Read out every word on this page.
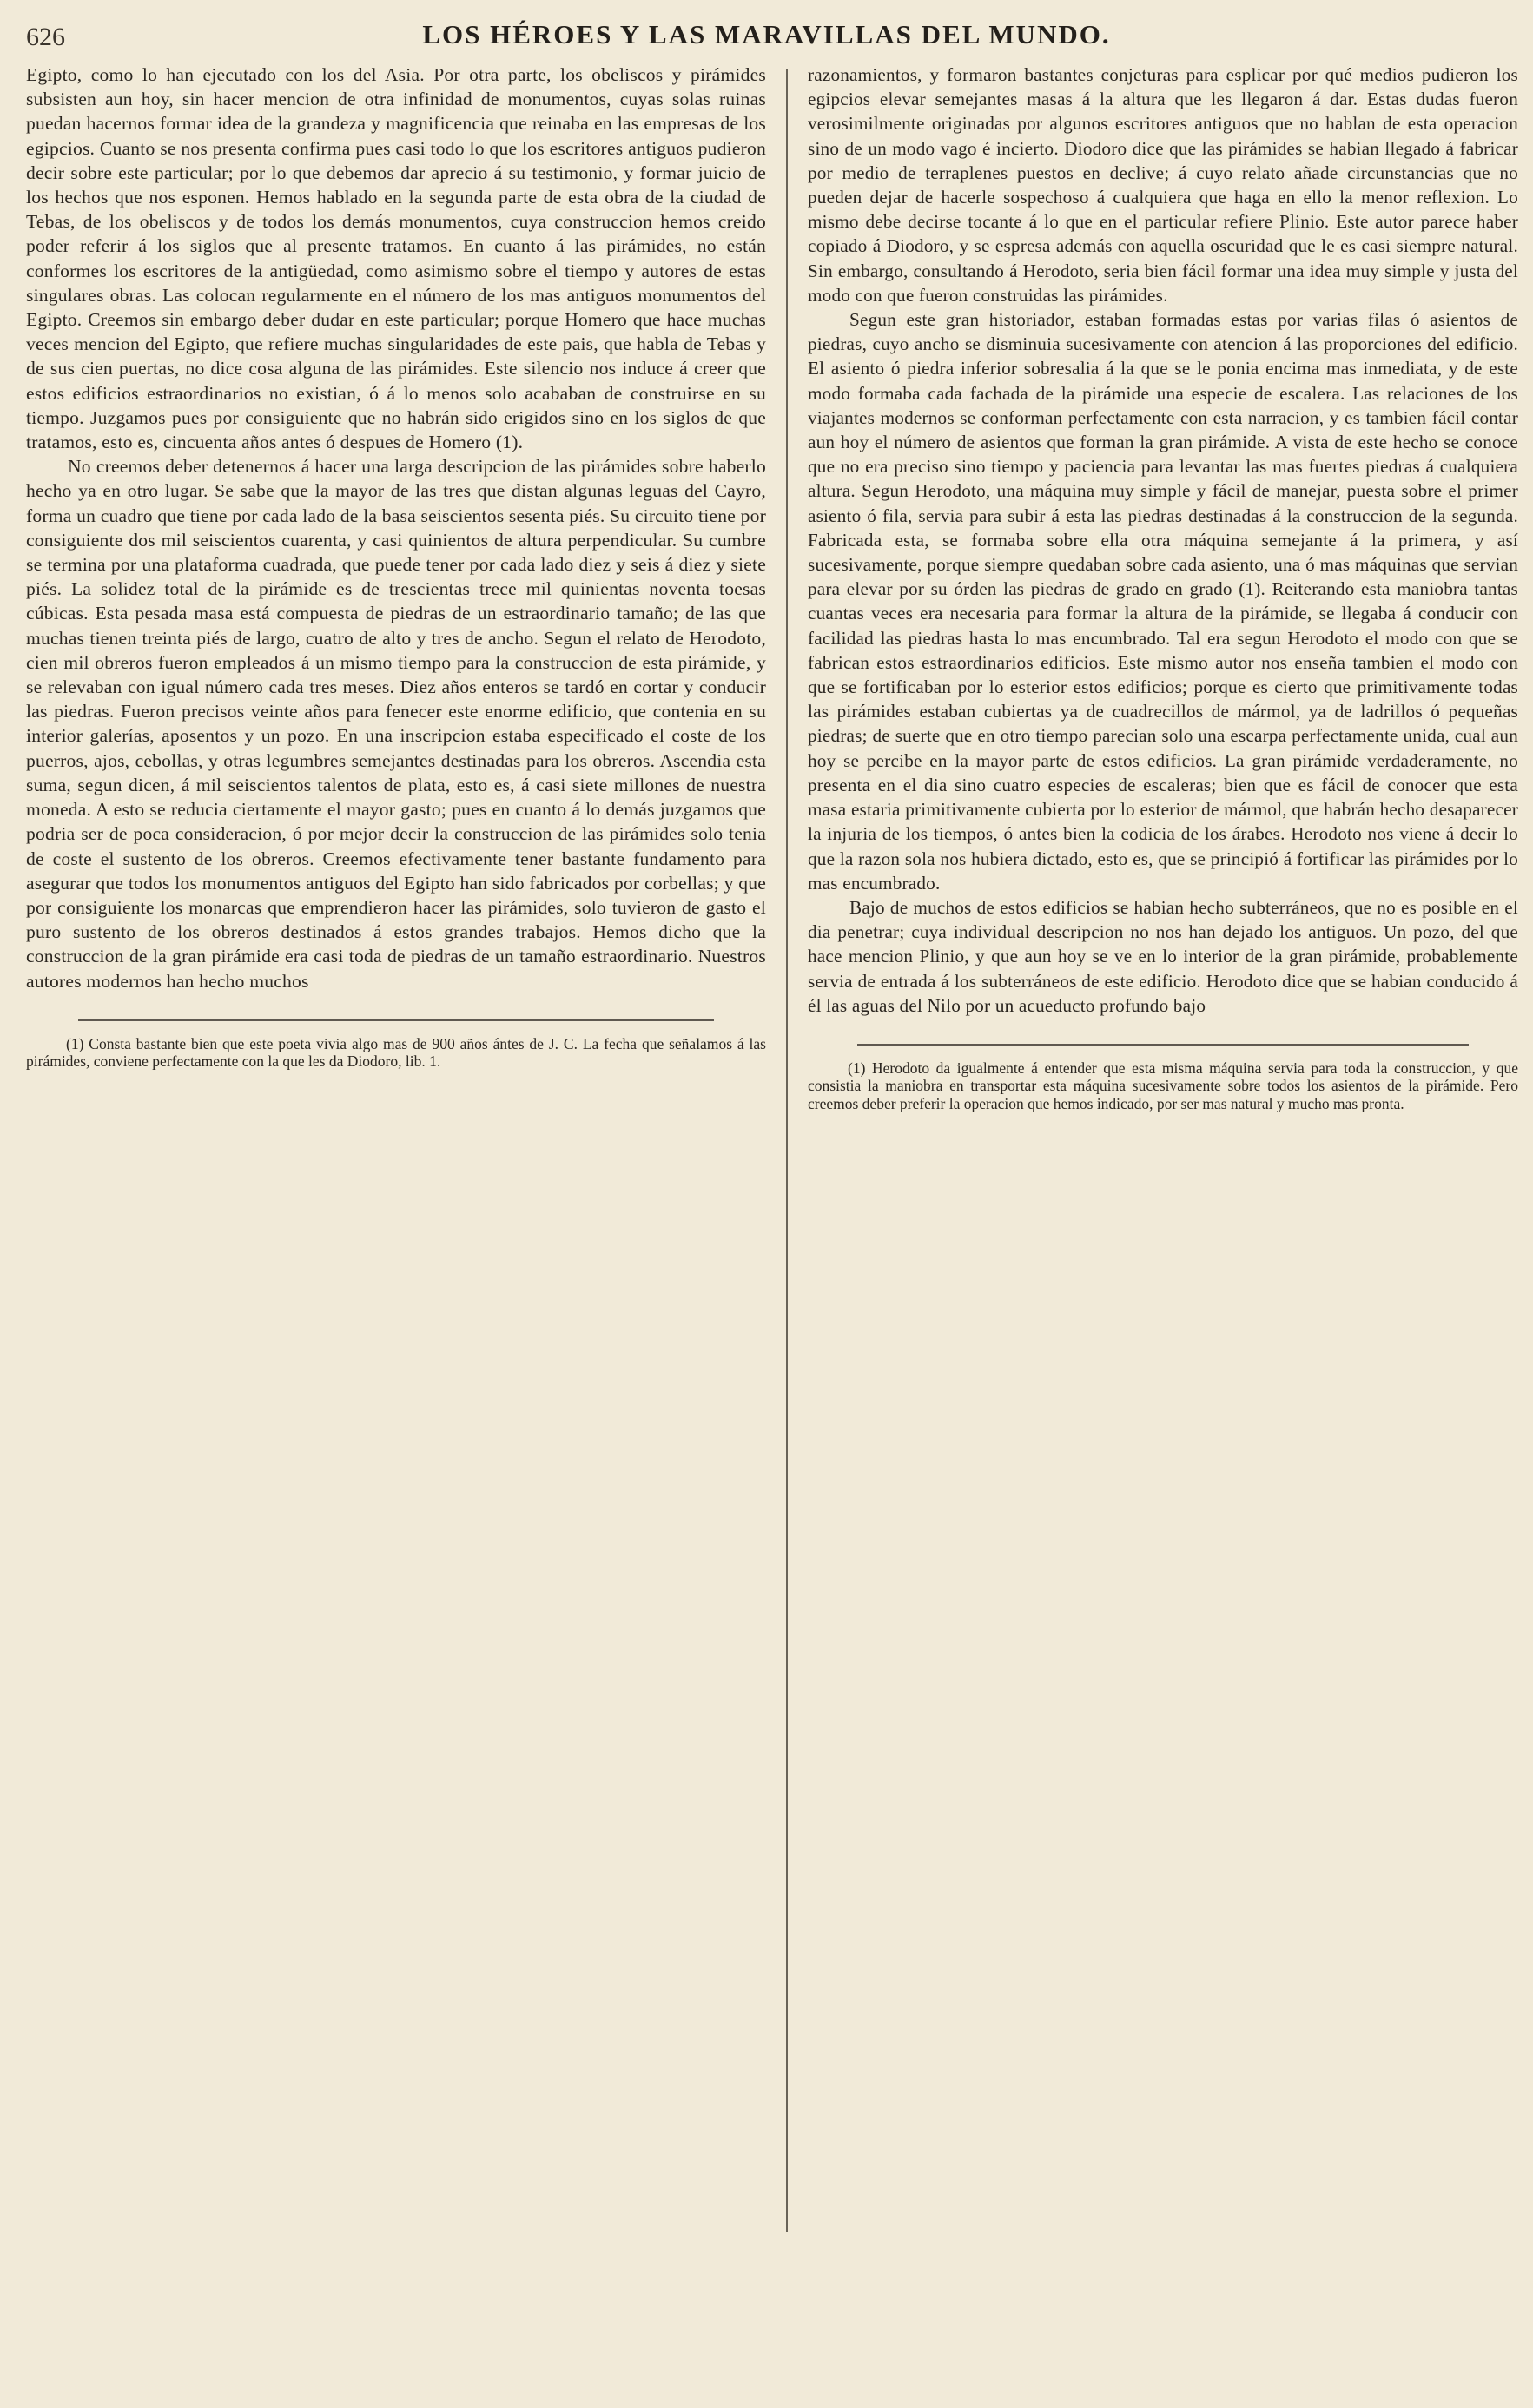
626	LOS HÉROES Y LAS MARAVILLAS DEL MUNDO.

Egipto, como lo han ejecutado con los del Asia. Por otra parte, los obeliscos y pirámides subsisten aun hoy, sin hacer mencion de otra infinidad de monumentos, cuyas solas ruinas puedan hacernos formar idea de la grandeza y magnificencia que reinaba en las empresas de los egipcios. Cuanto se nos presenta confirma pues casi todo lo que los escritores antiguos pudieron decir sobre este particular; por lo que debemos dar aprecio á su testimonio, y formar juicio de los hechos que nos esponen. Hemos hablado en la segunda parte de esta obra de la ciudad de Tebas, de los obeliscos y de todos los demás monumentos, cuya construccion hemos creido poder referir á los siglos que al presente tratamos. En cuanto á las pirámides, no están conformes los escritores de la antigüedad, como asimismo sobre el tiempo y autores de estas singulares obras. Las colocan regularmente en el número de los mas antiguos monumentos del Egipto. Creemos sin embargo deber dudar en este particular; porque Homero que hace muchas veces mencion del Egipto, que refiere muchas singularidades de este pais, que habla de Tebas y de sus cien puertas, no dice cosa alguna de las pirámides. Este silencio nos induce á creer que estos edificios estraordinarios no existian, ó á lo menos solo acababan de construirse en su tiempo. Juzgamos pues por consiguiente que no habrán sido erigidos sino en los siglos de que tratamos, esto es, cincuenta años antes ó despues de Homero (1).

No creemos deber detenernos á hacer una larga descripcion de las pirámides sobre haberlo hecho ya en otro lugar. Se sabe que la mayor de las tres que distan algunas leguas del Cayro, forma un cuadro que tiene por cada lado de la basa seiscientos sesenta piés. Su circuito tiene por consiguiente dos mil seiscientos cuarenta, y casi quinientos de altura perpendicular. Su cumbre se termina por una plataforma cuadrada, que puede tener por cada lado diez y seis á diez y siete piés. La solidez total de la pirámide es de trescientas trece mil quinientas noventa toesas cúbicas. Esta pesada masa está compuesta de piedras de un estraordinario tamaño; de las que muchas tienen treinta piés de largo, cuatro de alto y tres de ancho. Segun el relato de Herodoto, cien mil obreros fueron empleados á un mismo tiempo para la construccion de esta pirámide, y se relevaban con igual número cada tres meses. Diez años enteros se tardó en cortar y conducir las piedras. Fueron precisos veinte años para fenecer este enorme edificio, que contenia en su interior galerías, aposentos y un pozo. En una inscripcion estaba especificado el coste de los puerros, ajos, cebollas, y otras legumbres semejantes destinadas para los obreros. Ascendia esta suma, segun dicen, á mil seiscientos talentos de plata, esto es, á casi siete millones de nuestra moneda. A esto se reducia ciertamente el mayor gasto; pues en cuanto á lo demás juzgamos que podria ser de poca consideracion, ó por mejor decir la construccion de las pirámides solo tenia de coste el sustento de los obreros. Creemos efectivamente tener bastante fundamento para asegurar que todos los monumentos antiguos del Egipto han sido fabricados por corbellas; y que por consiguiente los monarcas que emprendieron hacer las pirámides, solo tuvieron de gasto el puro sustento de los obreros destinados á estos grandes trabajos. Hemos dicho que la construccion de la gran pirámide era casi toda de piedras de un tamaño estraordinario. Nuestros autores modernos han hecho muchos

(1) Consta bastante bien que este poeta vivia algo mas de 900 años ántes de J. C. La fecha que señalamos á las pirámides, conviene perfectamente con la que les da Diodoro, lib. 1.

razonamientos, y formaron bastantes conjeturas para esplicar por qué medios pudieron los egipcios elevar semejantes masas á la altura que les llegaron á dar. Estas dudas fueron verosimilmente originadas por algunos escritores antiguos que no hablan de esta operacion sino de un modo vago é incierto. Diodoro dice que las pirámides se habian llegado á fabricar por medio de terraplenes puestos en declive; á cuyo relato añade circunstancias que no pueden dejar de hacerle sospechoso á cualquiera que haga en ello la menor reflexion. Lo mismo debe decirse tocante á lo que en el particular refiere Plinio. Este autor parece haber copiado á Diodoro, y se espresa además con aquella oscuridad que le es casi siempre natural. Sin embargo, consultando á Herodoto, seria bien fácil formar una idea muy simple y justa del modo con que fueron construidas las pirámides.

Segun este gran historiador, estaban formadas estas por varias filas ó asientos de piedras, cuyo ancho se disminuia sucesivamente con atencion á las proporciones del edificio. El asiento ó piedra inferior sobresalia á la que se le ponia encima mas inmediata, y de este modo formaba cada fachada de la pirámide una especie de escalera. Las relaciones de los viajantes modernos se conforman perfectamente con esta narracion, y es tambien fácil contar aun hoy el número de asientos que forman la gran pirámide. A vista de este hecho se conoce que no era preciso sino tiempo y paciencia para levantar las mas fuertes piedras á cualquiera altura. Segun Herodoto, una máquina muy simple y fácil de manejar, puesta sobre el primer asiento ó fila, servia para subir á esta las piedras destinadas á la construccion de la segunda. Fabricada esta, se formaba sobre ella otra máquina semejante á la primera, y así sucesivamente, porque siempre quedaban sobre cada asiento, una ó mas máquinas que servian para elevar por su órden las piedras de grado en grado (1). Reiterando esta maniobra tantas cuantas veces era necesaria para formar la altura de la pirámide, se llegaba á conducir con facilidad las piedras hasta lo mas encumbrado. Tal era segun Herodoto el modo con que se fabrican estos estraordinarios edificios. Este mismo autor nos enseña tambien el modo con que se fortificaban por lo esterior estos edificios; porque es cierto que primitivamente todas las pirámides estaban cubiertas ya de cuadrecillos de mármol, ya de ladrillos ó pequeñas piedras; de suerte que en otro tiempo parecian solo una escarpa perfectamente unida, cual aun hoy se percibe en la mayor parte de estos edificios. La gran pirámide verdaderamente, no presenta en el dia sino cuatro especies de escaleras; bien que es fácil de conocer que esta masa estaria primitivamente cubierta por lo esterior de mármol, que habrán hecho desaparecer la injuria de los tiempos, ó antes bien la codicia de los árabes. Herodoto nos viene á decir lo que la razon sola nos hubiera dictado, esto es, que se principió á fortificar las pirámides por lo mas encumbrado.

Bajo de muchos de estos edificios se habian hecho subterráneos, que no es posible en el dia penetrar; cuya individual descripcion no nos han dejado los antiguos. Un pozo, del que hace mencion Plinio, y que aun hoy se ve en lo interior de la gran pirámide, probablemente servia de entrada á los subterráneos de este edificio. Herodoto dice que se habian conducido á él las aguas del Nilo por un acueducto profundo bajo

(1) Herodoto da igualmente á entender que esta misma máquina servia para toda la construccion, y que consistia la maniobra en transportar esta máquina sucesivamente sobre todos los asientos de la pirámide. Pero creemos deber preferir la operacion que hemos indicado, por ser mas natural y mucho mas pronta.
